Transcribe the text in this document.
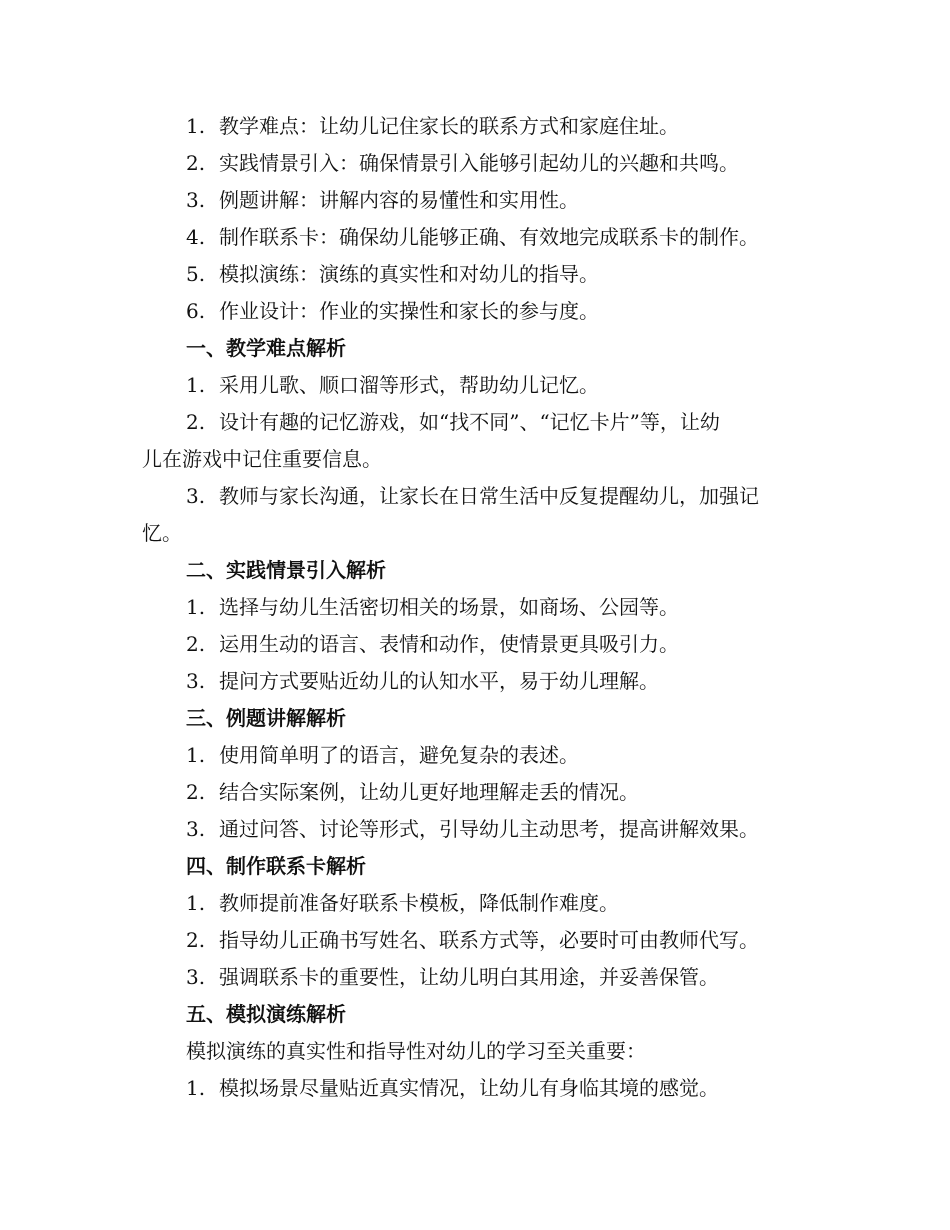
1. 教学难点：让幼儿记住家长的联系方式和家庭住址。
2. 实践情景引入：确保情景引入能够引起幼儿的兴趣和共鸣。
3. 例题讲解：讲解内容的易懂性和实用性。
4. 制作联系卡：确保幼儿能够正确、有效地完成联系卡的制作。
5. 模拟演练：演练的真实性和对幼儿的指导。
6. 作业设计：作业的实操性和家长的参与度。
一、教学难点解析
1. 采用儿歌、顺口溜等形式，帮助幼儿记忆。
2. 设计有趣的记忆游戏，如“找不同”、“记忆卡片”等，让幼
儿在游戏中记住重要信息。
3. 教师与家长沟通，让家长在日常生活中反复提醒幼儿，加强记
忆。
二、实践情景引入解析
1. 选择与幼儿生活密切相关的场景，如商场、公园等。
2. 运用生动的语言、表情和动作，使情景更具吸引力。
3. 提问方式要贴近幼儿的认知水平，易于幼儿理解。
三、例题讲解解析
1. 使用简单明了的语言，避免复杂的表述。
2. 结合实际案例，让幼儿更好地理解走丢的情况。
3. 通过问答、讨论等形式，引导幼儿主动思考，提高讲解效果。
四、制作联系卡解析
1. 教师提前准备好联系卡模板，降低制作难度。
2. 指导幼儿正确书写姓名、联系方式等，必要时可由教师代写。
3. 强调联系卡的重要性，让幼儿明白其用途，并妥善保管。
五、模拟演练解析
模拟演练的真实性和指导性对幼儿的学习至关重要：
1. 模拟场景尽量贴近真实情况，让幼儿有身临其境的感觉。
